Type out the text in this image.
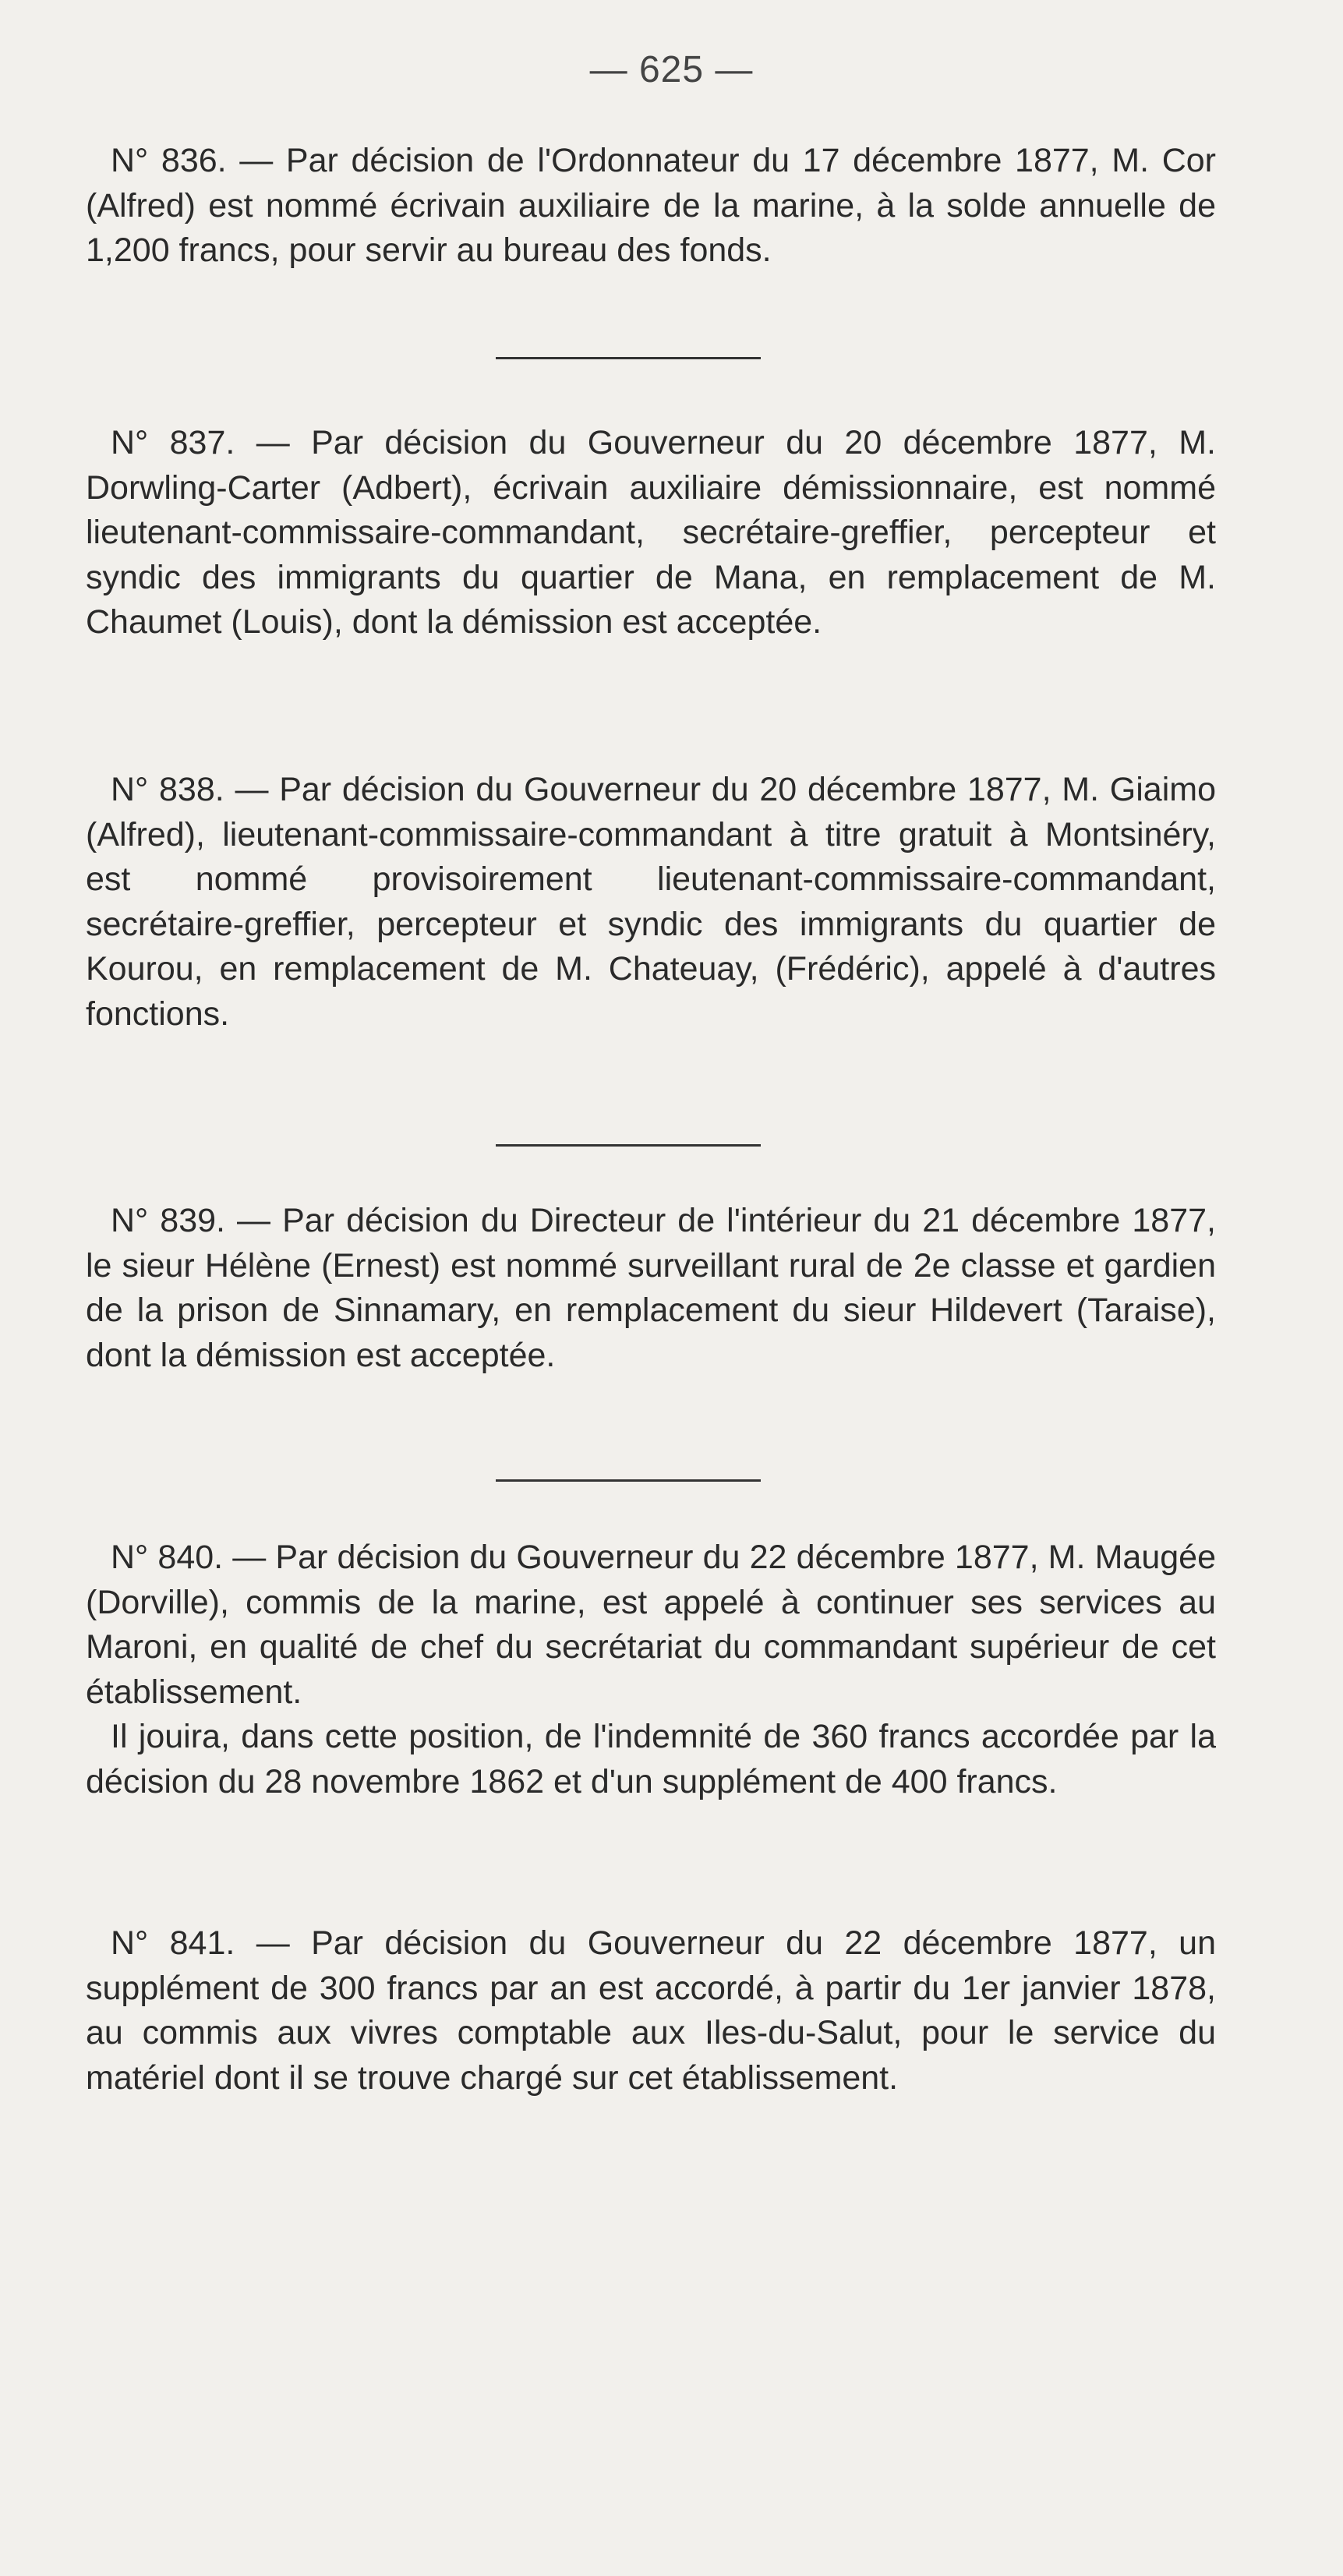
— 625 —

N° 836. — Par décision de l'Ordonnateur du 17 décembre 1877, M. Cor (Alfred) est nommé écrivain auxiliaire de la marine, à la solde annuelle de 1,200 francs, pour servir au bureau des fonds.

N° 837. — Par décision du Gouverneur du 20 décembre 1877, M. Dorwling-Carter (Adbert), écrivain auxiliaire démissionnaire, est nommé lieutenant-commissaire-commandant, secrétaire-greffier, percepteur et syndic des immigrants du quartier de Mana, en remplacement de M. Chaumet (Louis), dont la démission est acceptée.

N° 838. — Par décision du Gouverneur du 20 décembre 1877, M. Giaimo (Alfred), lieutenant-commissaire-commandant à titre gratuit à Montsinéry, est nommé provisoirement lieutenant-commissaire-commandant, secrétaire-greffier, percepteur et syndic des immigrants du quartier de Kourou, en remplacement de M. Chateuay, (Frédéric), appelé à d'autres fonctions.

N° 839. — Par décision du Directeur de l'intérieur du 21 décembre 1877, le sieur Hélène (Ernest) est nommé surveillant rural de 2e classe et gardien de la prison de Sinnamary, en remplacement du sieur Hildevert (Taraise), dont la démission est acceptée.

N° 840. — Par décision du Gouverneur du 22 décembre 1877, M. Maugée (Dorville), commis de la marine, est appelé à continuer ses services au Maroni, en qualité de chef du secrétariat du commandant supérieur de cet établissement.

Il jouira, dans cette position, de l'indemnité de 360 francs accordée par la décision du 28 novembre 1862 et d'un supplément de 400 francs.

N° 841. — Par décision du Gouverneur du 22 décembre 1877, un supplément de 300 francs par an est accordé, à partir du 1er janvier 1878, au commis aux vivres comptable aux Iles-du-Salut, pour le service du matériel dont il se trouve chargé sur cet établissement.
